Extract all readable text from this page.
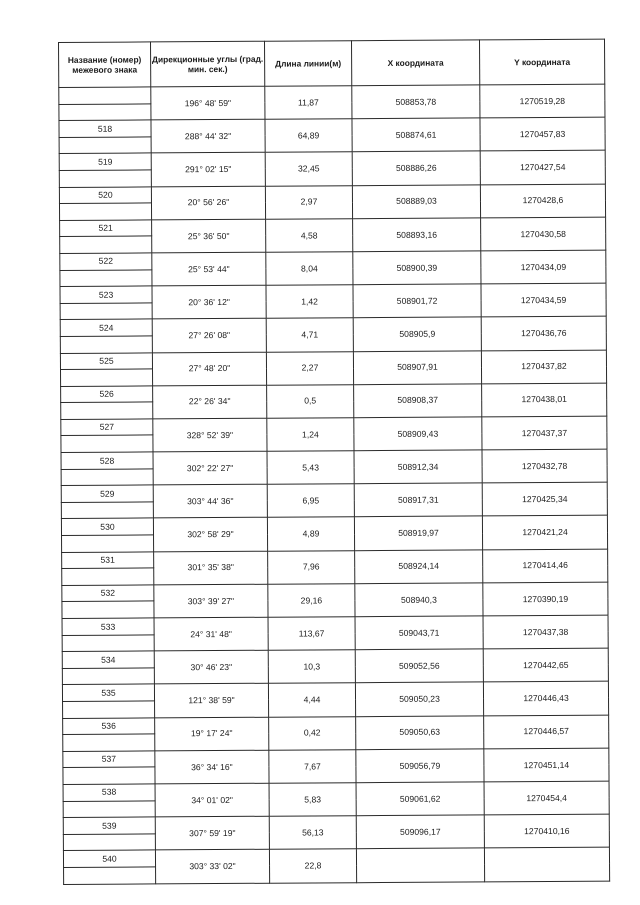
Название (номер) межевого знака	Дирекционные углы (град. мин. сек.)	Длина линии(м)	X координата	Y координата
	196° 48' 59"	11,87	508853,78	1270519,28

518	288° 44' 32"	64,89	508874,61	1270457,83

519	291° 02' 15"	32,45	508886,26	1270427,54

520	20° 56' 26"	2,97	508889,03	1270428,6

521	25° 36' 50"	4,58	508893,16	1270430,58

522	25° 53' 44"	8,04	508900,39	1270434,09

523	20° 36' 12"	1,42	508901,72	1270434,59

524	27° 26' 08"	4,71	508905,9	1270436,76

525	27° 48' 20"	2,27	508907,91	1270437,82

526	22° 26' 34"	0,5	508908,37	1270438,01

527	328° 52' 39"	1,24	508909,43	1270437,37

528	302° 22' 27"	5,43	508912,34	1270432,78

529	303° 44' 36"	6,95	508917,31	1270425,34

530	302° 58' 29"	4,89	508919,97	1270421,24

531	301° 35' 38"	7,96	508924,14	1270414,46

532	303° 39' 27"	29,16	508940,3	1270390,19

533	24° 31' 48"	113,67	509043,71	1270437,38

534	30° 46' 23"	10,3	509052,56	1270442,65

535	121° 38' 59"	4,44	509050,23	1270446,43

536	19° 17' 24"	0,42	509050,63	1270446,57

537	36° 34' 16"	7,67	509056,79	1270451,14

538	34° 01' 02"	5,83	509061,62	1270454,4

539	307° 59' 19"	56,13	509096,17	1270410,16

540	303° 33' 02"	22,8		
